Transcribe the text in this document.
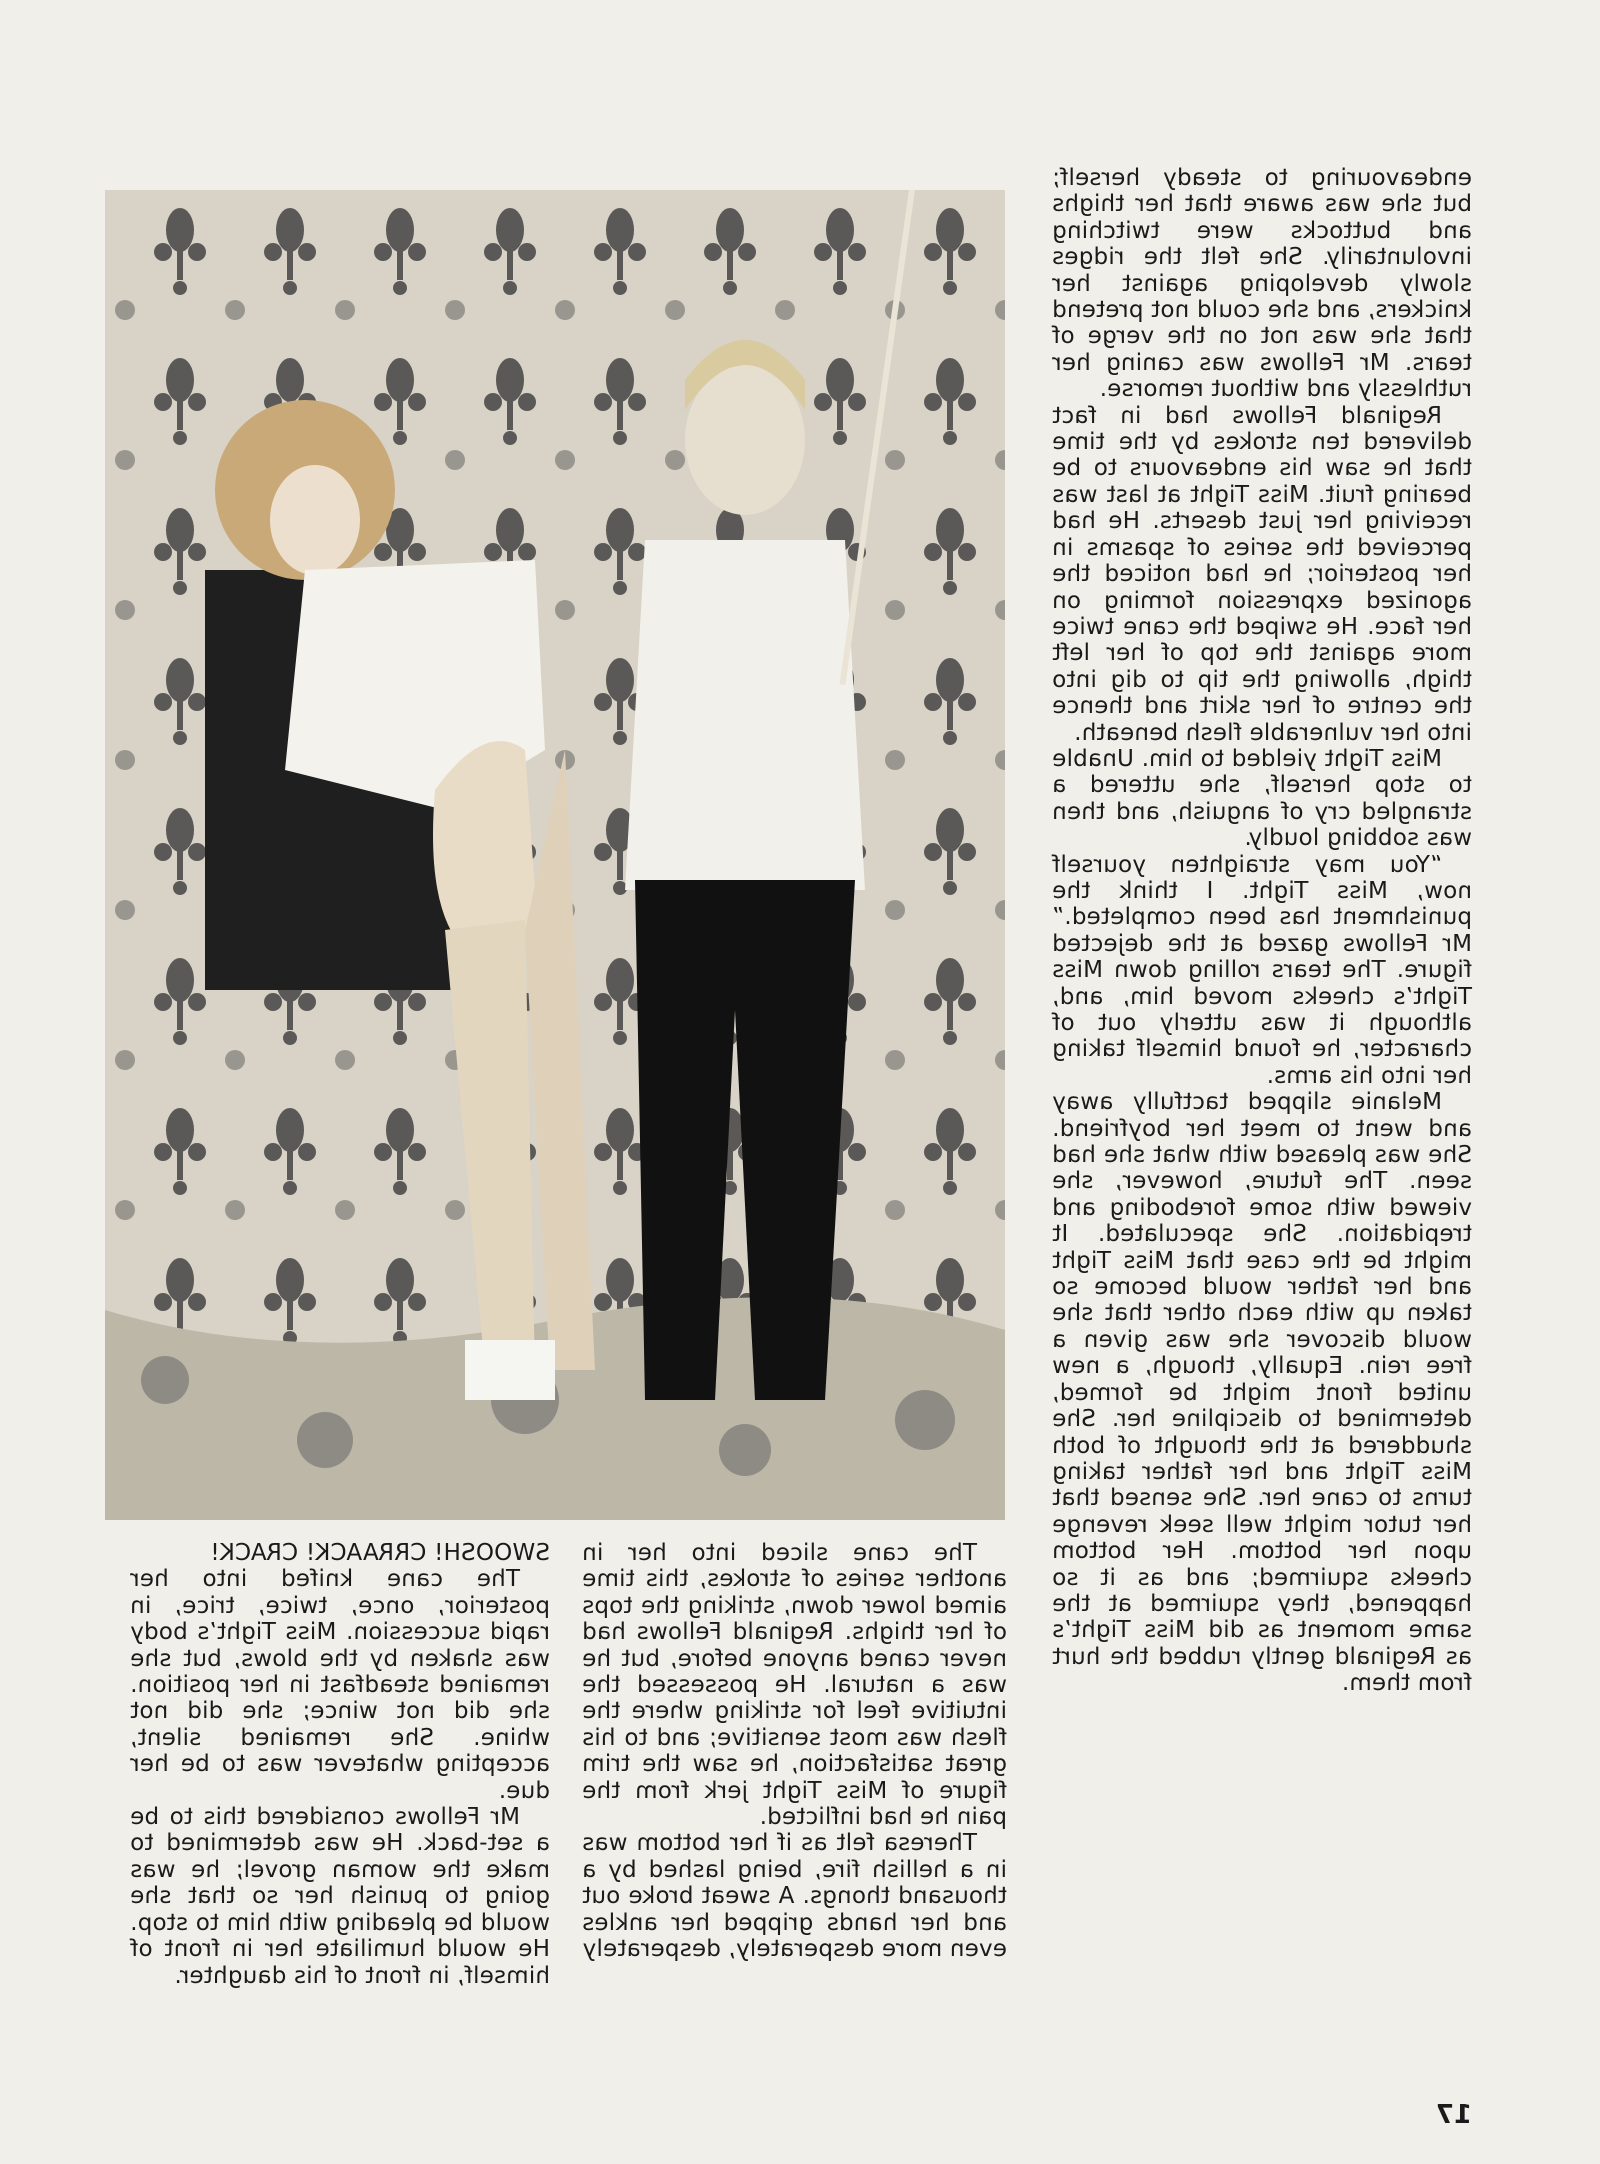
endeavouring to steady herself; but she was aware that her thighs and buttocks were twitching involuntarily. She felt the ridges slowly developing against her knickers, and she could not pretend that she was not on the verge of tears. Mr Fellows was caning her ruthlessly and without remorse.

Reginald Fellows had in fact delivered ten strokes by the time that he saw his endeavours to be bearing fruit. Miss Tight at last was receiving her just deserts. He had perceived the series of spasms in her posterior; he had noticed the agonized expression forming on her face. He swiped the cane twice more against the top of her left thigh, allowing the tip to dig into the centre of her skirt and thence into her vulnerable flesh beneath.

Miss Tight yielded to him. Unable to stop herself, she uttered a strangled cry of anguish, and then was sobbing loudly.

“You may straighten yourself now, Miss Tight. I think the punishment has been completed.” Mr Fellows gazed at the dejected figure. The tears rolling down Miss Tight’s cheeks moved him, and, although it was utterly out of character, he found himself taking her into his arms.

Melanie slipped tactfully away and went to meet her boyfriend. She was pleased with what she had seen. The future, however, she viewed with some foreboding and trepidation. She speculated. It might be the case that Miss Tight and her father would become so taken up with each other that she would discover she was given a free rein. Equally, though, a new united front might be formed, determined to discipline her. She shuddered at the thought of both Miss Tight and her father taking turns to cane her. She sensed that her tutor might well seek revenge upon her bottom. Her bottom cheeks squirmed; and as it so happened, they squirmed at the same moment as did Miss Tight’s as Reginald gently rubbed the hurt from them.

The cane sliced into her in another series of strokes, this time aimed lower down, striking the tops of her thighs. Reginald Fellows had never caned anyone before, but he was a natural. He possessed the intuitive feel for striking where the flesh was most sensitive; and to his great satisfaction, he saw the trim figure of Miss Tight jerk from the pain he had inflicted.

Theresa felt as if her bottom was in a hellish fire, being lashed by a thousand thongs. A sweat broke out and her hands gripped her ankles even more desperately, desperately

SWOOSH! CRRAACK! CRACK!

The cane knifed into her posterior, once, twice, trice, in rapid succession. Miss Tight’s body was shaken by the blows, but she remained steadfast in her position. she did not wince; she did not whine. She remained silent, accepting whatever was to be her due.

Mr Fellows considered this to be a set-back. He was determined to make the woman grovel; he was going to punish her so that she would be pleading with him to stop. He would humiliate her in front of himself, in front of his daughter.

17
